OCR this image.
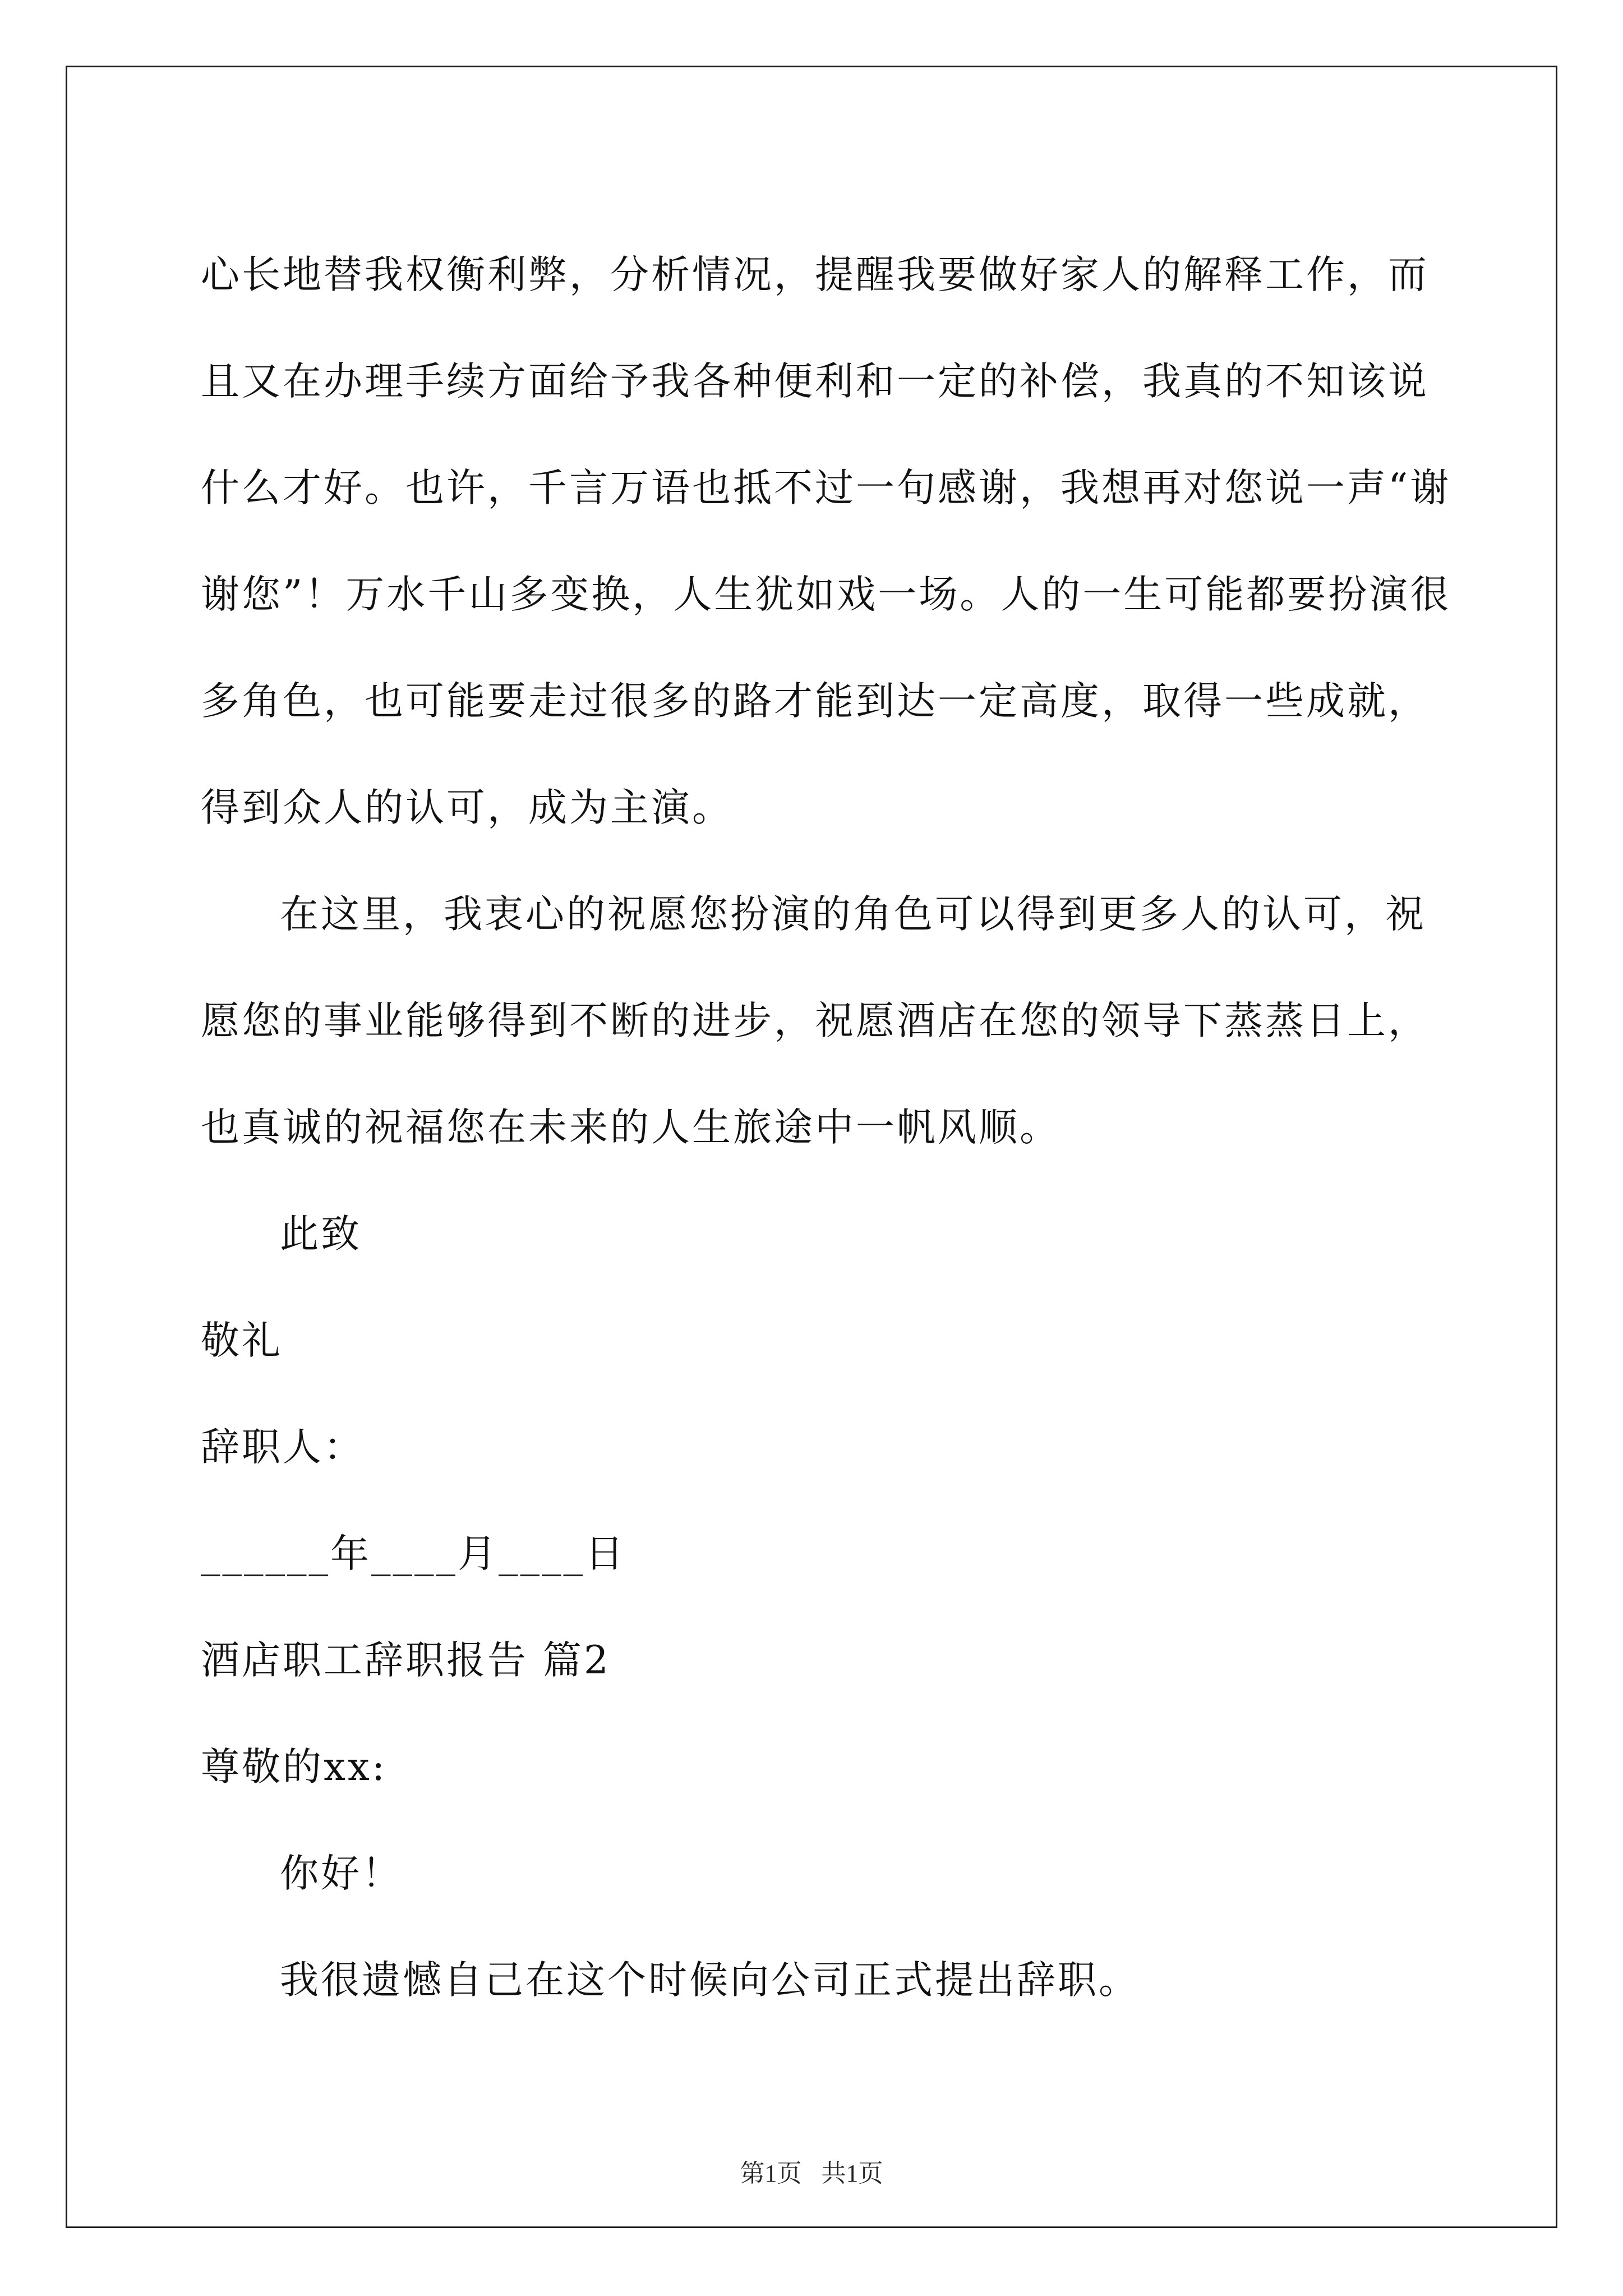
心长地替我权衡利弊，分析情况，提醒我要做好家人的解释工作，而
且又在办理手续方面给予我各种便利和一定的补偿，我真的不知该说
什么才好。也许，千言万语也抵不过一句感谢，我想再对您说一声“谢
谢您”！万水千山多变换，人生犹如戏一场。人的一生可能都要扮演很
多角色，也可能要走过很多的路才能到达一定高度，取得一些成就，
得到众人的认可，成为主演。

在这里，我衷心的祝愿您扮演的角色可以得到更多人的认可，祝
愿您的事业能够得到不断的进步，祝愿酒店在您的领导下蒸蒸日上，
也真诚的祝福您在未来的人生旅途中一帆风顺。

此致

敬礼

辞职人：

______年____月____日

酒店职工辞职报告 篇2

尊敬的xx:

你好！

我很遗憾自己在这个时候向公司正式提出辞职。

第1页 共1页
